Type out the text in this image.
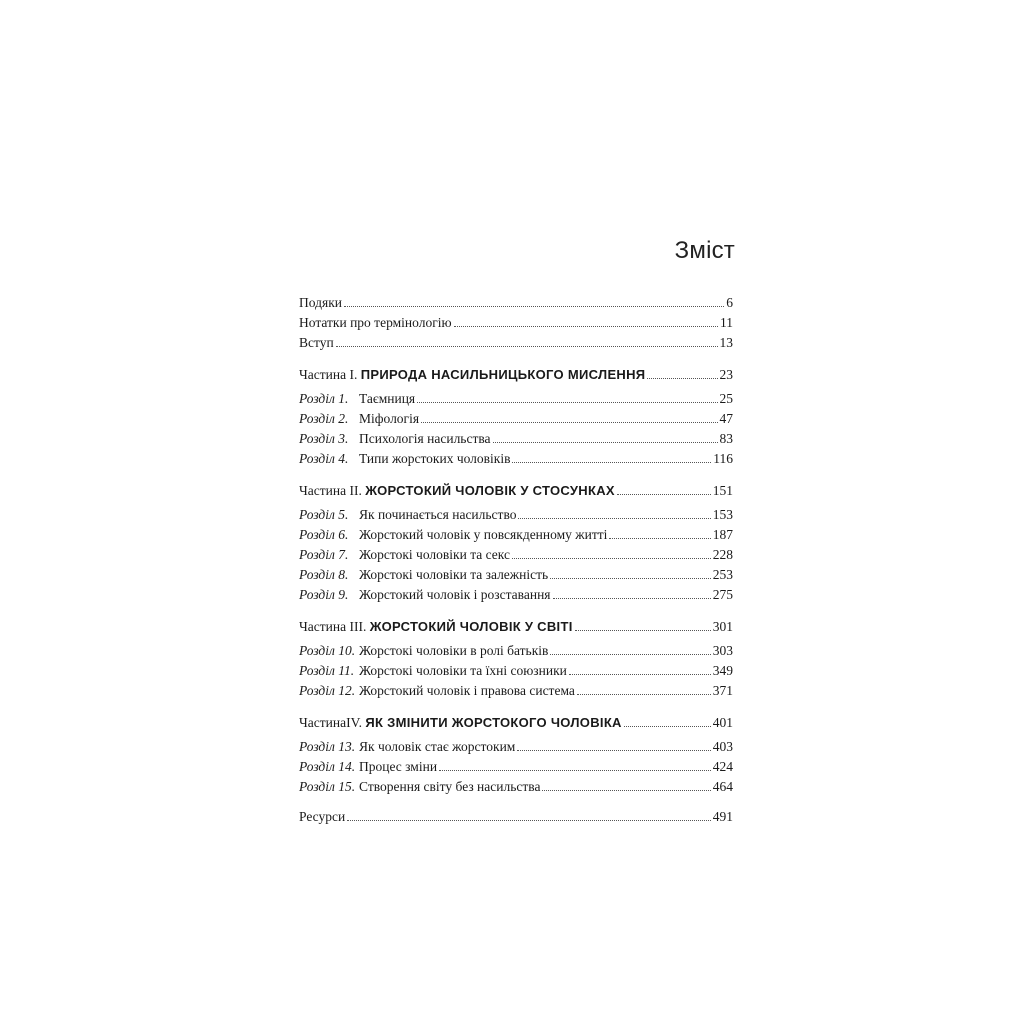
Зміст
Подяки	6
Нотатки про термінологію	11
Вступ	13
Частина I. ПРИРОДА НАСИЛЬНИЦЬКОГО МИСЛЕННЯ	23
Розділ 1. Таємниця	25
Розділ 2. Міфологія	47
Розділ 3. Психологія насильства	83
Розділ 4. Типи жорстоких чоловіків	116
Частина II. ЖОРСТОКИЙ ЧОЛОВІК У СТОСУНКАХ	151
Розділ 5. Як починається насильство	153
Розділ 6. Жорстокий чоловік у повсякденному житті	187
Розділ 7. Жорстокі чоловіки та секс	228
Розділ 8. Жорстокі чоловіки та залежність	253
Розділ 9. Жорстокий чоловік і розставання	275
Частина III. ЖОРСТОКИЙ ЧОЛОВІК У СВІТІ	301
Розділ 10. Жорстокі чоловіки в ролі батьків	303
Розділ 11. Жорстокі чоловіки та їхні союзники	349
Розділ 12. Жорстокий чоловік і правова система	371
ЧастинаIV. ЯК ЗМІНИТИ ЖОРСТОКОГО ЧОЛОВІКА	401
Розділ 13. Як чоловік стає жорстоким	403
Розділ 14. Процес зміни	424
Розділ 15. Створення світу без насильства	464
Ресурси	491
